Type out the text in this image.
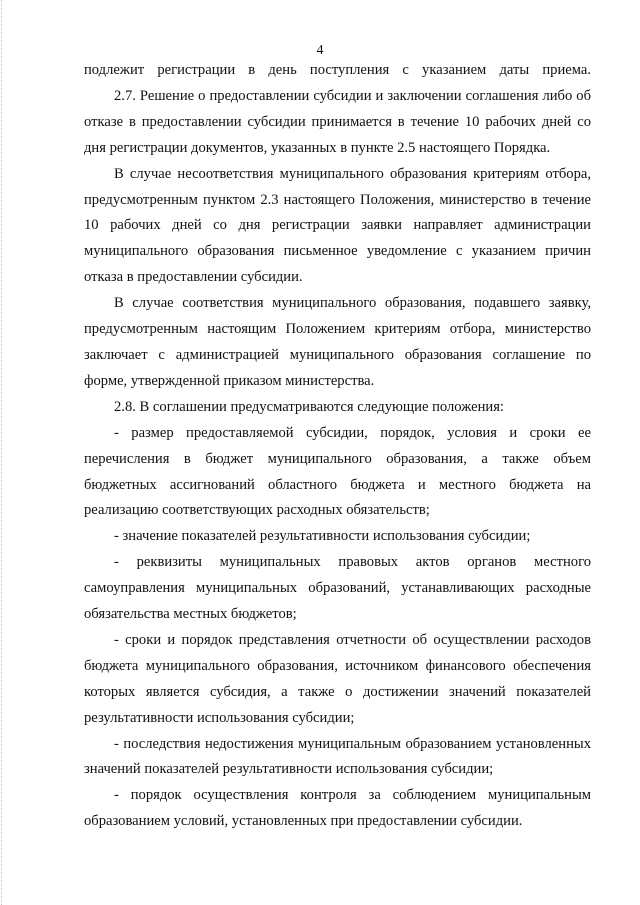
4

подлежит регистрации в день поступления с указанием даты приема.

2.7. Решение о предоставлении субсидии и заключении соглашения либо об отказе в предоставлении субсидии принимается в течение 10 рабочих дней со дня регистрации документов, указанных в пункте 2.5 настоящего Порядка.

В случае несоответствия муниципального образования критериям отбора, предусмотренным пунктом 2.3 настоящего Положения, министерство в течение 10 рабочих дней со дня регистрации заявки направляет администрации муниципального образования письменное уведомление с указанием причин отказа в предоставлении субсидии.

В случае соответствия муниципального образования, подавшего заявку, предусмотренным настоящим Положением критериям отбора, министерство заключает с администрацией муниципального образования соглашение по форме, утвержденной приказом министерства.

2.8. В соглашении предусматриваются следующие положения:

- размер предоставляемой субсидии, порядок, условия и сроки ее перечисления в бюджет муниципального образования, а также объем бюджетных ассигнований областного бюджета и местного бюджета на реализацию соответствующих расходных обязательств;

- значение показателей результативности использования субсидии;

- реквизиты муниципальных правовых актов органов местного самоуправления муниципальных образований, устанавливающих расходные обязательства местных бюджетов;

- сроки и порядок представления отчетности об осуществлении расходов бюджета муниципального образования, источником финансового обеспечения которых является субсидия, а также о достижении значений показателей результативности использования субсидии;

- последствия недостижения муниципальным образованием установленных значений показателей результативности использования субсидии;

- порядок осуществления контроля за соблюдением муниципальным образованием условий, установленных при предоставлении субсидии.
